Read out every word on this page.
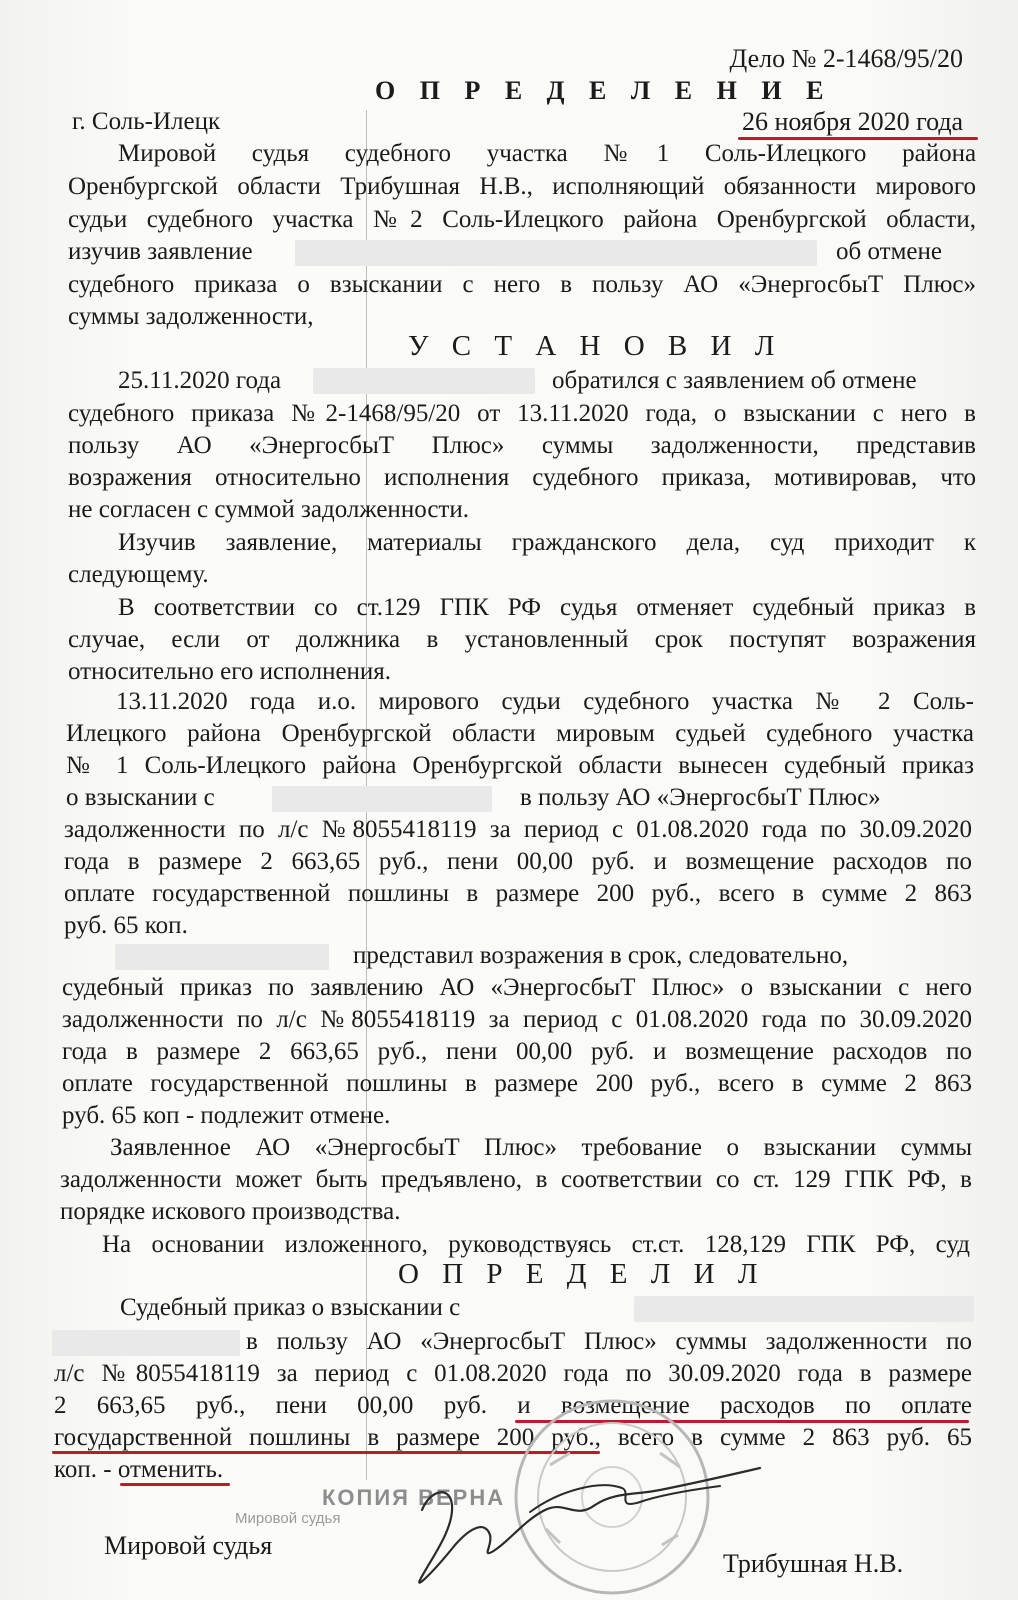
Дело № 2-1468/95/20
О П Р Е Д Е Л Е Н И Е
г. Соль-Илецк	26 ноября 2020 года
Мировой судья судебного участка №1 Соль-Илецкого района
Оренбургской области Трибушная Н.В., исполняющий обязанности мирового
судьи судебного участка №2 Соль-Илецкого района Оренбургской области,
изучив заявление	об отмене
судебного приказа о взыскании с него в пользу АО «ЭнергосбыТ Плюс»
суммы задолженности,
У С Т А Н О В И Л
25.11.2020 года	обратился с заявлением об отмене
судебного приказа №2-1468/95/20 от 13.11.2020 года, о взыскании с него в
пользу АО «ЭнергосбыТ Плюс» суммы задолженности, представив
возражения относительно исполнения судебного приказа, мотивировав, что
не согласен с суммой задолженности.
Изучив заявление, материалы гражданского дела, суд приходит к
следующему.
В соответствии со ст.129 ГПК РФ судья отменяет судебный приказ в
случае, если от должника в установленный срок поступят возражения
относительно его исполнения.
13.11.2020 года и.о. мирового судьи судебного участка № 2 Соль-
Илецкого района Оренбургской области мировым судьей судебного участка
№ 1 Соль-Илецкого района Оренбургской области вынесен судебный приказ
о взыскании с	в пользу АО «ЭнергосбыТ Плюс»
задолженности по л/с №8055418119 за период с 01.08.2020 года по 30.09.2020
года в размере 2 663,65 руб., пени 00,00 руб. и возмещение расходов по
оплате государственной пошлины в размере 200 руб., всего в сумме 2 863
руб. 65 коп.
представил возражения в срок, следовательно,
судебный приказ по заявлению АО «ЭнергосбыТ Плюс» о взыскании с него
задолженности по л/с №8055418119 за период с 01.08.2020 года по 30.09.2020
года в размере 2 663,65 руб., пени 00,00 руб. и возмещение расходов по
оплате государственной пошлины в размере 200 руб., всего в сумме 2 863
руб. 65 коп - подлежит отмене.
Заявленное АО «ЭнергосбыТ Плюс» требование о взыскании суммы
задолженности может быть предъявлено, в соответствии со ст. 129 ГПК РФ, в
порядке искового производства.
На основании изложенного, руководствуясь ст.ст. 128,129 ГПК РФ, суд
О П Р Е Д Е Л И Л
Судебный приказ о взыскании с
в пользу АО «ЭнергосбыТ Плюс» суммы задолженности по
л/с №8055418119 за период с 01.08.2020 года по 30.09.2020 года в размере
2 663,65 руб., пени 00,00 руб. и возмещение расходов по оплате
государственной пошлины в размере 200 руб., всего в сумме 2 863 руб. 65
коп. - отменить.
КОПИЯ ВЕРНА
Мировой судья
Мировой судья
Трибушная Н.В.
